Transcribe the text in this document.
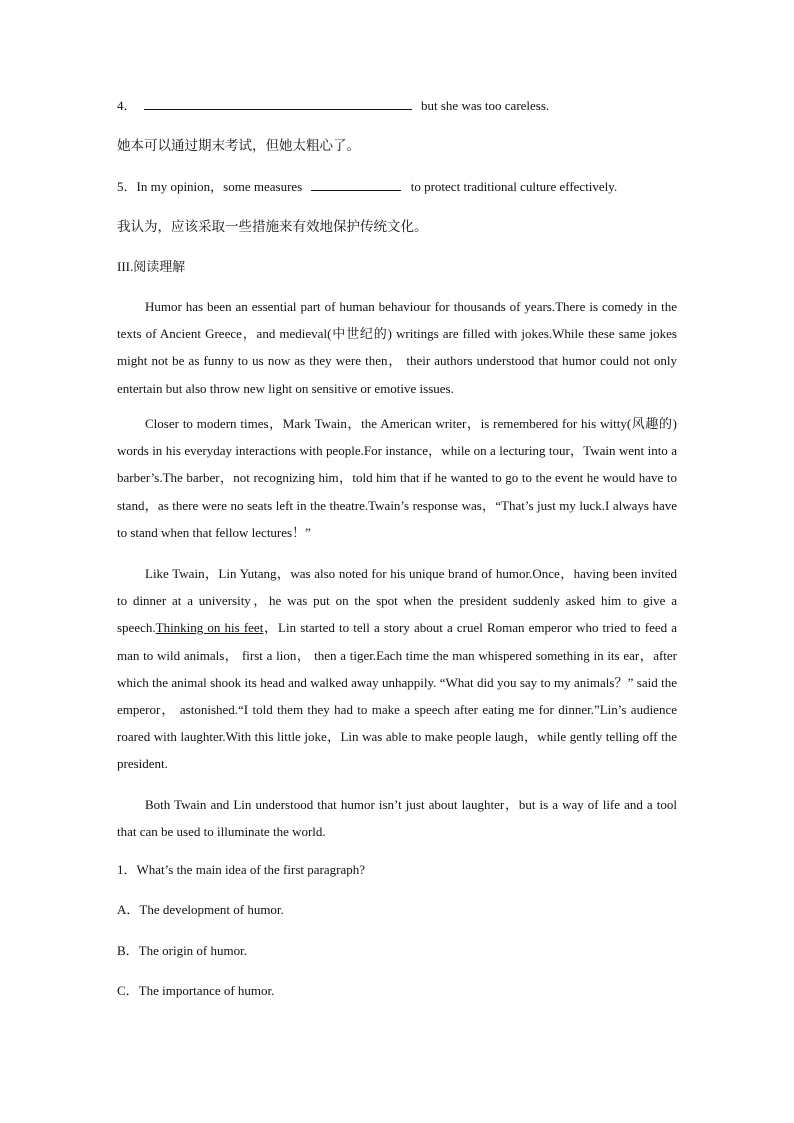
4．	but she was too careless.
她本可以通过期末考试，但她太粗心了。
5．In my opinion，some measures	to protect traditional culture effectively.
我认为，应该采取一些措施来有效地保护传统文化。
III.阅读理解
Humor has been an essential part of human behaviour for thousands of years.There is comedy in the texts of Ancient Greece，and medieval(中世纪的) writings are filled with jokes.While these same jokes might not be as funny to us now as they were then， their authors understood that humor could not only entertain but also throw new light on sensitive or emotive issues.
Closer to modern times，Mark Twain，the American writer，is remembered for his witty(风趣的) words in his everyday interactions with people.For instance，while on a lecturing tour，Twain went into a barber’s.The barber，not recognizing him，told him that if he wanted to go to the event he would have to stand，as there were no seats left in the theatre.Twain’s response was，“That’s just my luck.I always have to stand when that fellow lectures！”
Like Twain，Lin Yutang，was also noted for his unique brand of humor.Once，having been invited to dinner at a university，he was put on the spot when the president suddenly asked him to give a speech.Thinking on his feet，Lin started to tell a story about a cruel Roman emperor who tried to feed a man to wild animals， first a lion， then a tiger.Each time the man whispered something in its ear，after which the animal shook its head and walked away unhappily. “What did you say to my animals？” said the emperor， astonished.“I told them they had to make a speech after eating me for dinner.”Lin’s audience roared with laughter.With this little joke，Lin was able to make people laugh，while gently telling off the president.
Both Twain and Lin understood that humor isn’t just about laughter，but is a way of life and a tool that can be used to illuminate the world.
1．What’s the main idea of the first paragraph?
A．The development of humor.
B．The origin of humor.
C．The importance of humor.
